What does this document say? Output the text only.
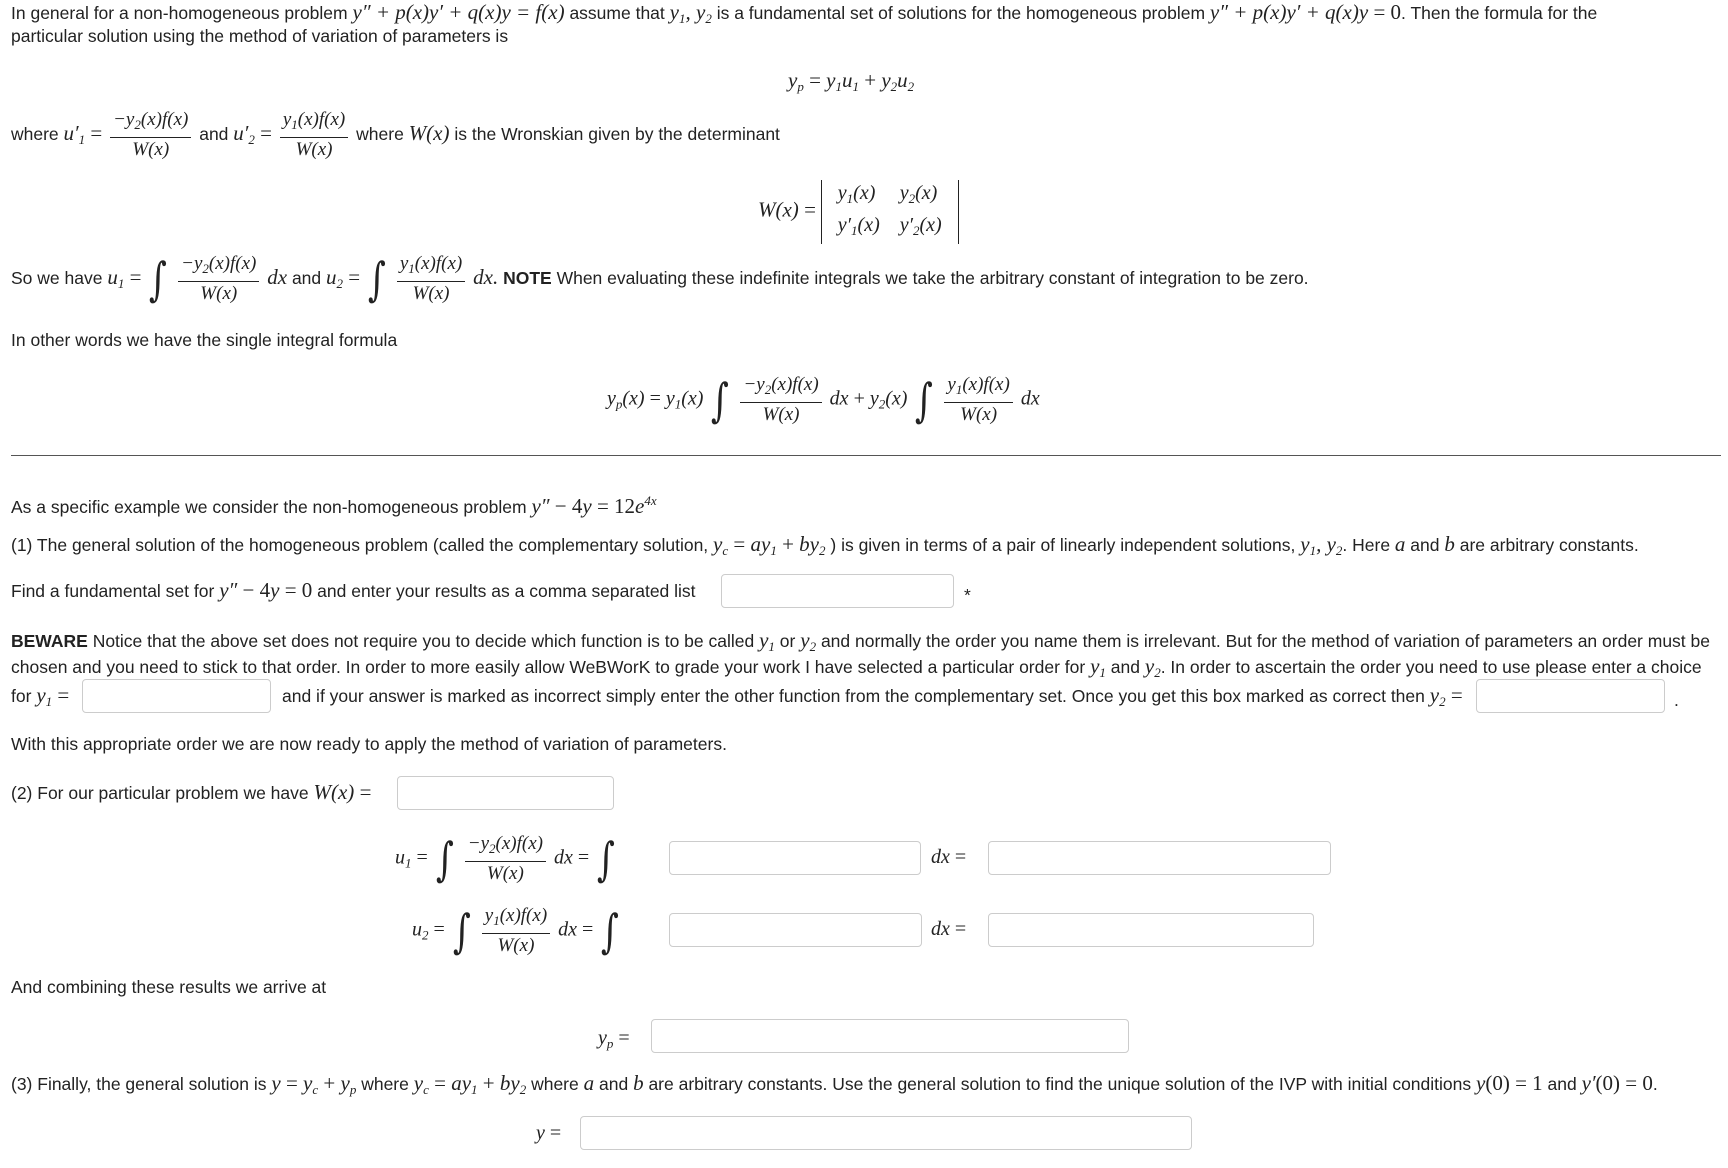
In general for a non-homogeneous problem y″ + p(x)y′ + q(x)y = f(x) assume that $y_1$, $y_2$ is a fundamental set of solutions for the homogeneous problem y″ + p(x)y′ + q(x)y = 0. Then the formula for the
particular solution using the method of variation of parameters is
$y_p = y_1u_1 + y_2u_2$
where $u'_1 = \frac{-y_2(x)f(x)}{W(x)}$ and $u'_2 = \frac{y_1(x)f(x)}{W(x)}$ where W(x) is the Wronskian given by the determinant
$W(x) = y_1(x)$	$y_2(x)$
$y'_1(x)$	$y'_2(x)$
So we have $u_1$ = ∫ $\frac{-y_2(x)f(x)}{W(x)}$ dx and $u_2$ = ∫ $\frac{y_1(x)f(x)}{W(x)}$ dx. NOTE When evaluating these indefinite integrals we take the arbitrary constant of integration to be zero.
In other words we have the single integral formula
$y_p(x) = y_1(x)$ ∫ $\frac{-y_2(x)f(x)}{W(x)}$ dx + $y_2(x)$ ∫ $\frac{y_1(x)f(x)}{W(x)}$ dx
As a specific example we consider the non-homogeneous problem $y'' - 4y = 12e^{4x}$
(1) The general solution of the homogeneous problem (called the complementary solution, $y_c = ay_1 + by_2$ ) is given in terms of a pair of linearly independent solutions, $y_1$, $y_2$. Here a and b are arbitrary constants.
Find a fundamental set for y″ − 4y = 0 and enter your results as a comma separated list	*
BEWARE Notice that the above set does not require you to decide which function is to be called $y_1$ or $y_2$ and normally the order you name them is irrelevant. But for the method of variation of parameters an order must be
chosen and you need to stick to that order. In order to more easily allow WeBWorK to grade your work I have selected a particular order for $y_1$ and $y_2$. In order to ascertain the order you need to use please enter a choice
for $y_1$ =	and if your answer is marked as incorrect simply enter the other function from the complementary set. Once you get this box marked as correct then $y_2$ =	.
With this appropriate order we are now ready to apply the method of variation of parameters.
(2) For our particular problem we have W(x) =
$u_1$ = ∫ $\frac{-y_2(x)f(x)}{W(x)}$ dx = ∫	dx =
$u_2$ = ∫ $\frac{y_1(x)f(x)}{W(x)}$ dx = ∫	dx =
And combining these results we arrive at
$y_p$ =
(3) Finally, the general solution is $y = y_c + y_p$ where $y_c = ay_1 + by_2$ where a and b are arbitrary constants. Use the general solution to find the unique solution of the IVP with initial conditions y(0) = 1 and y′(0) = 0.
y =
